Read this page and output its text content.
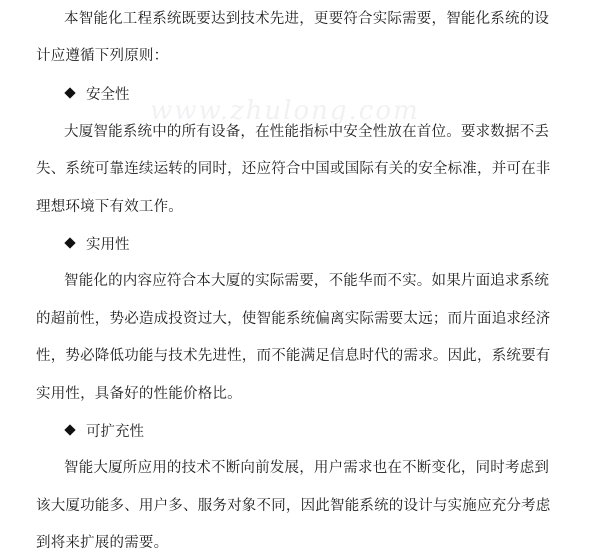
www.zhulong.com
本智能化工程系统既要达到技术先进，更要符合实际需要，智能化系统的设
计应遵循下列原则：
安全性
大厦智能系统中的所有设备，在性能指标中安全性放在首位。要求数据不丢
失、系统可靠连续运转的同时，还应符合中国或国际有关的安全标准，并可在非
理想环境下有效工作。
实用性
智能化的内容应符合本大厦的实际需要，不能华而不实。如果片面追求系统
的超前性，势必造成投资过大，使智能系统偏离实际需要太远；而片面追求经济
性，势必降低功能与技术先进性，而不能满足信息时代的需求。因此，系统要有
实用性，具备好的性能价格比。
可扩充性
智能大厦所应用的技术不断向前发展，用户需求也在不断变化，同时考虑到
该大厦功能多、用户多、服务对象不同，因此智能系统的设计与实施应充分考虑
到将来扩展的需要。
